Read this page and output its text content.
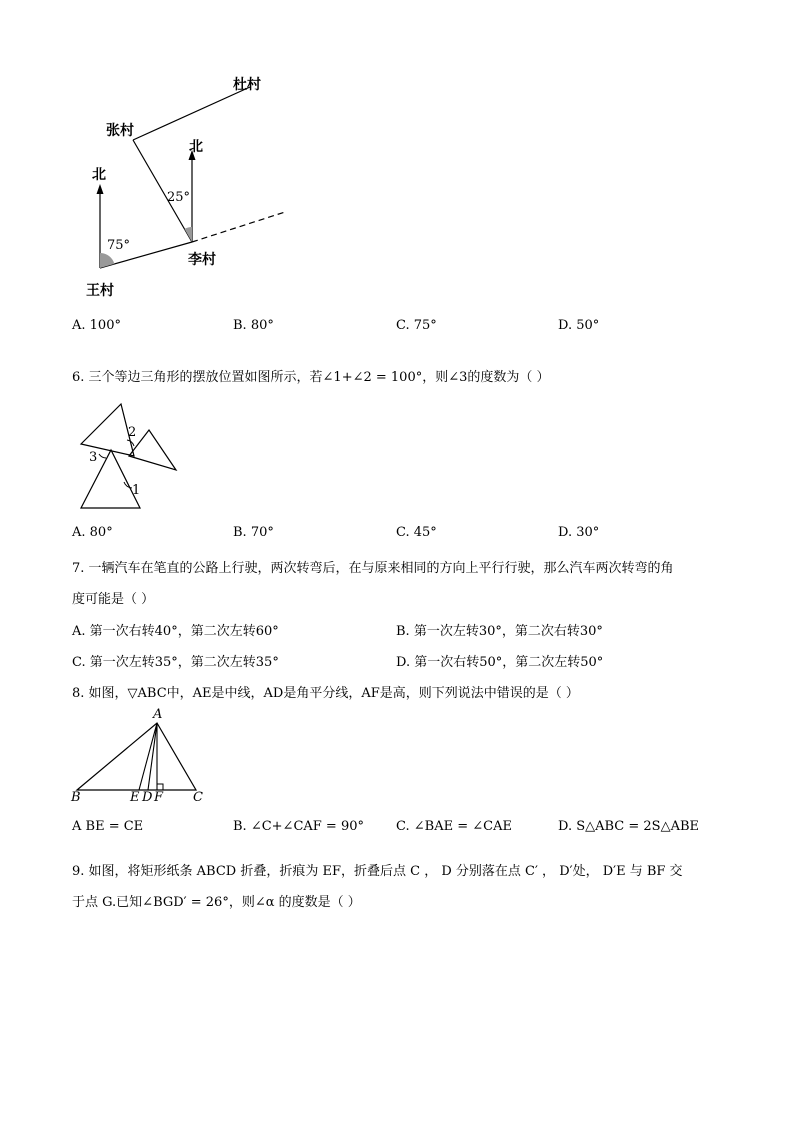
杜村
张村
北
北
25°
75°
李村
王村
A. 100°	B. 80°	C. 75°	D. 50°
6. 三个等边三角形的摆放位置如图所示，若∠1+∠2 = 100°，则∠3的度数为（ ）
2
3
1
A. 80°	B. 70°	C. 45°	D. 30°
7. 一辆汽车在笔直的公路上行驶，两次转弯后，在与原来相同的方向上平行行驶，那么汽车两次转弯的角
度可能是（ ）
A. 第一次右转40°，第二次左转60°	B. 第一次左转30°，第二次右转30°
C. 第一次左转35°，第二次左转35°	D. 第一次右转50°，第二次左转50°
8. 如图，▽ABC中，AE是中线，AD是角平分线，AF是高，则下列说法中错误的是（ ）
A
B	E D F C
A BE = CE	B. ∠C+∠CAF = 90° C. ∠BAE = ∠CAE	D. S△ABC = 2S△ABE
9. 如图，将矩形纸条 ABCD 折叠，折痕为 EF，折叠后点 C ， D 分别落在点 C′ ， D′处， D′E 与 BF 交
于点 G.已知∠BGD′ = 26°，则∠α 的度数是（ ）
